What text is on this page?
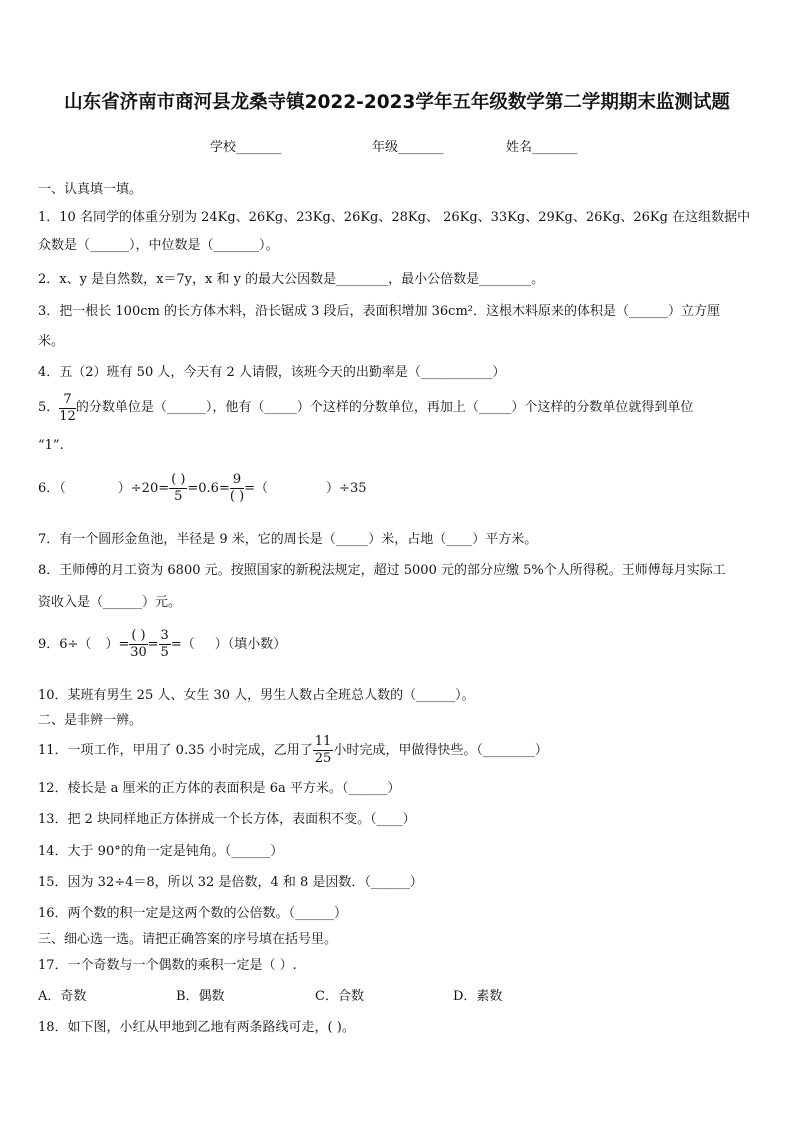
山东省济南市商河县龙桑寺镇2022-2023学年五年级数学第二学期期末监测试题
学校_______	年级_______	姓名_______
一、认真填一填。
1．10 名同学的体重分别为 24Kg、26Kg、23Kg、26Kg、28Kg、 26Kg、33Kg、29Kg、26Kg、26Kg 在这组数据中
众数是（______），中位数是（_______）。
2．x、y 是自然数，x＝7y，x 和 y 的最大公因数是________，最小公倍数是________。
3．把一根长 100cm 的长方体木料，沿长锯成 3 段后，表面积增加 36cm²．这根木料原来的体积是（______）立方厘
米。
4．五（2）班有 50 人，今天有 2 人请假，该班今天的出勤率是（___________）
5． $\frac{7}{12}$ 的分数单位是（______），他有（_____）个这样的分数单位，再加上（_____）个这样的分数单位就得到单位
“1”.
6．（	）$\div 20= \frac{( )}{5} =0.6= \frac{9}{( )}$ =（	）÷35
7．有一个圆形金鱼池，半径是 9 米，它的周长是（_____）米，占地（____）平方米。
8．王师傅的月工资为 6800 元。按照国家的新税法规定，超过 5000 元的部分应缴 5%个人所得税。王师傅每月实际工
资收入是（______）元。
9．6÷（ ）= $\frac{( )}{30} = \frac{3}{5}$ =（ ）（填小数）
10．某班有男生 25 人、女生 30 人，男生人数占全班总人数的（______）。
二、是非辨一辨。
11．一项工作，甲用了 0.35 小时完成，乙用了 $\frac{11}{25}$ 小时完成，甲做得快些。（________）
12．棱长是 a 厘米的正方体的表面积是 6a 平方米。（______）
13．把 2 块同样地正方体拼成一个长方体，表面积不变。（____）
14．大于 90°的角一定是钝角。（______）
15．因为 32÷4＝8，所以 32 是倍数，4 和 8 是因数．（______）
16．两个数的积一定是这两个数的公倍数。（______）
三、细心选一选。请把正确答案的序号填在括号里。
17．一个奇数与一个偶数的乘积一定是（ ）.
A．奇数	B．偶数	C．合数	D．素数
18．如下图，小红从甲地到乙地有两条路线可走，( )。
